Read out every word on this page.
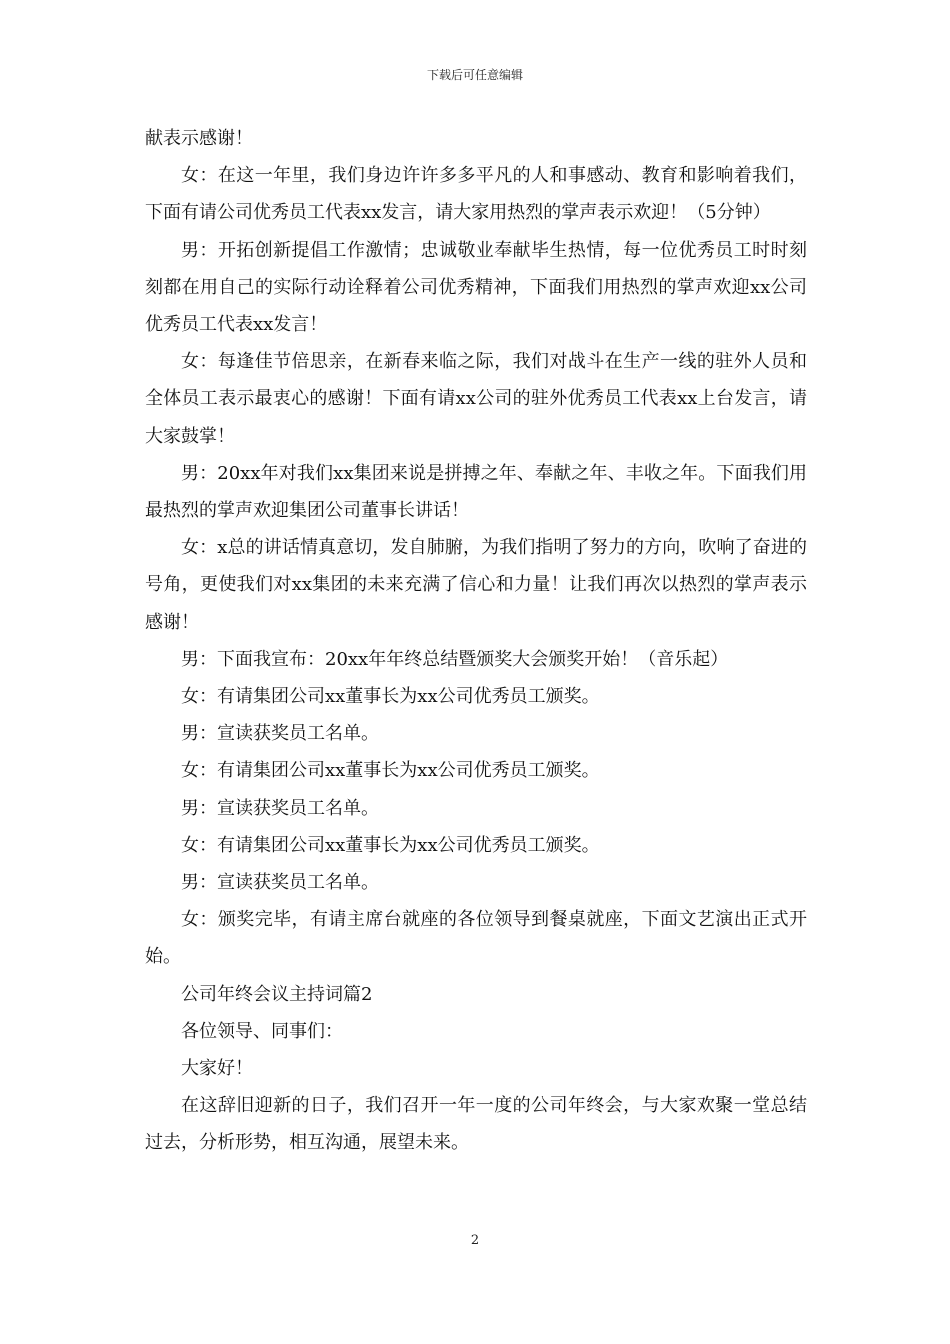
下载后可任意编辑

献表示感谢！

女：在这一年里，我们身边许许多多平凡的人和事感动、教育和影响着我们，下面有请公司优秀员工代表xx发言，请大家用热烈的掌声表示欢迎！（5分钟）

男：开拓创新提倡工作激情；忠诚敬业奉献毕生热情，每一位优秀员工时时刻刻都在用自己的实际行动诠释着公司优秀精神，下面我们用热烈的掌声欢迎xx公司优秀员工代表xx发言！

女：每逢佳节倍思亲，在新春来临之际，我们对战斗在生产一线的驻外人员和全体员工表示最衷心的感谢！下面有请xx公司的驻外优秀员工代表xx上台发言，请大家鼓掌！

男：20xx年对我们xx集团来说是拼搏之年、奉献之年、丰收之年。下面我们用最热烈的掌声欢迎集团公司董事长讲话！

女：x总的讲话情真意切，发自肺腑，为我们指明了努力的方向，吹响了奋进的号角，更使我们对xx集团的未来充满了信心和力量！让我们再次以热烈的掌声表示感谢！

男：下面我宣布：20xx年年终总结暨颁奖大会颁奖开始！（音乐起）

女：有请集团公司xx董事长为xx公司优秀员工颁奖。

男：宣读获奖员工名单。

女：有请集团公司xx董事长为xx公司优秀员工颁奖。

男：宣读获奖员工名单。

女：有请集团公司xx董事长为xx公司优秀员工颁奖。

男：宣读获奖员工名单。

女：颁奖完毕，有请主席台就座的各位领导到餐桌就座，下面文艺演出正式开始。

公司年终会议主持词篇2

各位领导、同事们：

大家好！

在这辞旧迎新的日子，我们召开一年一度的公司年终会，与大家欢聚一堂总结过去，分析形势，相互沟通，展望未来。

2
